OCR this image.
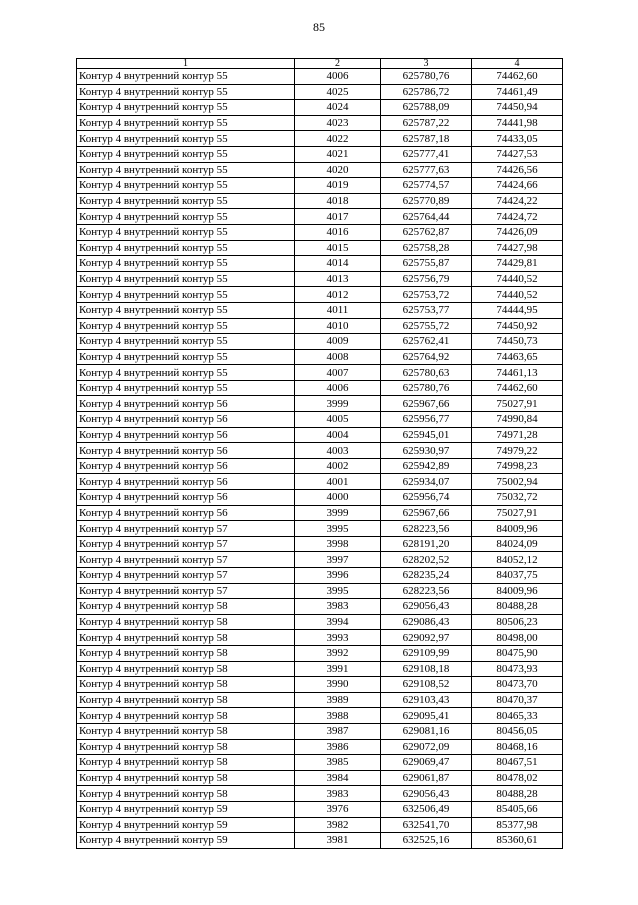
85
1	2	3	4
Контур 4 внутренний контур 55	4006	625780,76	74462,60
Контур 4 внутренний контур 55	4025	625786,72	74461,49
Контур 4 внутренний контур 55	4024	625788,09	74450,94
Контур 4 внутренний контур 55	4023	625787,22	74441,98
Контур 4 внутренний контур 55	4022	625787,18	74433,05
Контур 4 внутренний контур 55	4021	625777,41	74427,53
Контур 4 внутренний контур 55	4020	625777,63	74426,56
Контур 4 внутренний контур 55	4019	625774,57	74424,66
Контур 4 внутренний контур 55	4018	625770,89	74424,22
Контур 4 внутренний контур 55	4017	625764,44	74424,72
Контур 4 внутренний контур 55	4016	625762,87	74426,09
Контур 4 внутренний контур 55	4015	625758,28	74427,98
Контур 4 внутренний контур 55	4014	625755,87	74429,81
Контур 4 внутренний контур 55	4013	625756,79	74440,52
Контур 4 внутренний контур 55	4012	625753,72	74440,52
Контур 4 внутренний контур 55	4011	625753,77	74444,95
Контур 4 внутренний контур 55	4010	625755,72	74450,92
Контур 4 внутренний контур 55	4009	625762,41	74450,73
Контур 4 внутренний контур 55	4008	625764,92	74463,65
Контур 4 внутренний контур 55	4007	625780,63	74461,13
Контур 4 внутренний контур 55	4006	625780,76	74462,60
Контур 4 внутренний контур 56	3999	625967,66	75027,91
Контур 4 внутренний контур 56	4005	625956,77	74990,84
Контур 4 внутренний контур 56	4004	625945,01	74971,28
Контур 4 внутренний контур 56	4003	625930,97	74979,22
Контур 4 внутренний контур 56	4002	625942,89	74998,23
Контур 4 внутренний контур 56	4001	625934,07	75002,94
Контур 4 внутренний контур 56	4000	625956,74	75032,72
Контур 4 внутренний контур 56	3999	625967,66	75027,91
Контур 4 внутренний контур 57	3995	628223,56	84009,96
Контур 4 внутренний контур 57	3998	628191,20	84024,09
Контур 4 внутренний контур 57	3997	628202,52	84052,12
Контур 4 внутренний контур 57	3996	628235,24	84037,75
Контур 4 внутренний контур 57	3995	628223,56	84009,96
Контур 4 внутренний контур 58	3983	629056,43	80488,28
Контур 4 внутренний контур 58	3994	629086,43	80506,23
Контур 4 внутренний контур 58	3993	629092,97	80498,00
Контур 4 внутренний контур 58	3992	629109,99	80475,90
Контур 4 внутренний контур 58	3991	629108,18	80473,93
Контур 4 внутренний контур 58	3990	629108,52	80473,70
Контур 4 внутренний контур 58	3989	629103,43	80470,37
Контур 4 внутренний контур 58	3988	629095,41	80465,33
Контур 4 внутренний контур 58	3987	629081,16	80456,05
Контур 4 внутренний контур 58	3986	629072,09	80468,16
Контур 4 внутренний контур 58	3985	629069,47	80467,51
Контур 4 внутренний контур 58	3984	629061,87	80478,02
Контур 4 внутренний контур 58	3983	629056,43	80488,28
Контур 4 внутренний контур 59	3976	632506,49	85405,66
Контур 4 внутренний контур 59	3982	632541,70	85377,98
Контур 4 внутренний контур 59	3981	632525,16	85360,61
